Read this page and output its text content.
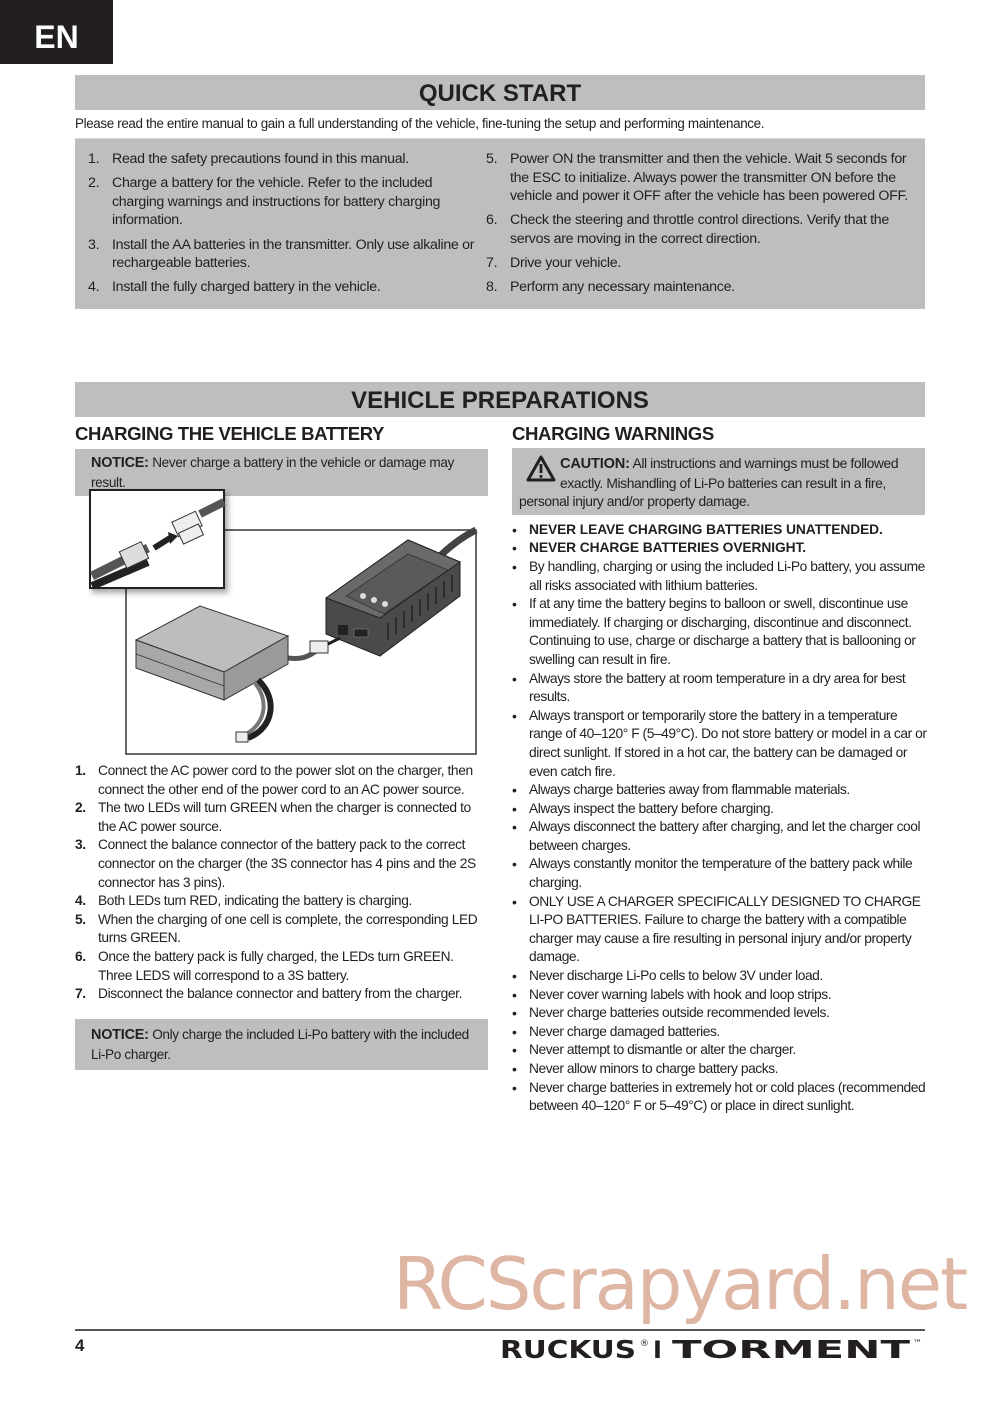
EN
QUICK START
Please read the entire manual to gain a full understanding of the vehicle, fine-tuning the setup and performing maintenance.
1. Read the safety precautions found in this manual.
2. Charge a battery for the vehicle. Refer to the included charging warnings and instructions for battery charging information.
3. Install the AA batteries in the transmitter. Only use alkaline or rechargeable batteries.
4. Install the fully charged battery in the vehicle.
5. Power ON the transmitter and then the vehicle. Wait 5 seconds for the ESC to initialize. Always power the transmitter ON before the vehicle and power it OFF after the vehicle has been powered OFF.
6. Check the steering and throttle control directions. Verify that the servos are moving in the correct direction.
7. Drive your vehicle.
8. Perform any necessary maintenance.
VEHICLE PREPARATIONS
CHARGING THE VEHICLE BATTERY
NOTICE: Never charge a battery in the vehicle or damage may result.
1. Connect the AC power cord to the power slot on the charger, then connect the other end of the power cord to an AC power source.
2. The two LEDs will turn GREEN when the charger is connected to the AC power source.
3. Connect the balance connector of the battery pack to the correct connector on the charger (the 3S connector has 4 pins and the 2S connector has 3 pins).
4. Both LEDs turn RED, indicating the battery is charging.
5. When the charging of one cell is complete, the corresponding LED turns GREEN.
6. Once the battery pack is fully charged, the LEDs turn GREEN. Three LEDS will correspond to a 3S battery.
7. Disconnect the balance connector and battery from the charger.
NOTICE: Only charge the included Li-Po battery with the included Li-Po charger.
CHARGING WARNINGS
CAUTION: All instructions and warnings must be followed
exactly. Mishandling of Li-Po batteries can result in a fire,
personal injury and/or property damage.
• NEVER LEAVE CHARGING BATTERIES UNATTENDED.
• NEVER CHARGE BATTERIES OVERNIGHT.
• By handling, charging or using the included Li-Po battery, you assume all risks associated with lithium batteries.
• If at any time the battery begins to balloon or swell, discontinue use immediately. If charging or discharging, discontinue and disconnect. Continuing to use, charge or discharge a battery that is ballooning or swelling can result in fire.
• Always store the battery at room temperature in a dry area for best results.
• Always transport or temporarily store the battery in a temperature range of 40–120° F (5–49°C). Do not store battery or model in a car or direct sunlight. If stored in a hot car, the battery can be damaged or even catch fire.
• Always charge batteries away from flammable materials.
• Always inspect the battery before charging.
• Always disconnect the battery after charging, and let the charger cool between charges.
• Always constantly monitor the temperature of the battery pack while charging.
• ONLY USE A CHARGER SPECIFICALLY DESIGNED TO CHARGE LI-PO BATTERIES. Failure to charge the battery with a compatible charger may cause a fire resulting in personal injury and/or property damage.
• Never discharge Li-Po cells to below 3V under load.
• Never cover warning labels with hook and loop strips.
• Never charge batteries outside recommended levels.
• Never charge damaged batteries.
• Never attempt to dismantle or alter the charger.
• Never allow minors to charge battery packs.
• Never charge batteries in extremely hot or cold places (recommended between 40–120° F or 5–49°C) or place in direct sunlight.
RCScrapyard.net
4	RUCKUS ® I TORMENT ™
